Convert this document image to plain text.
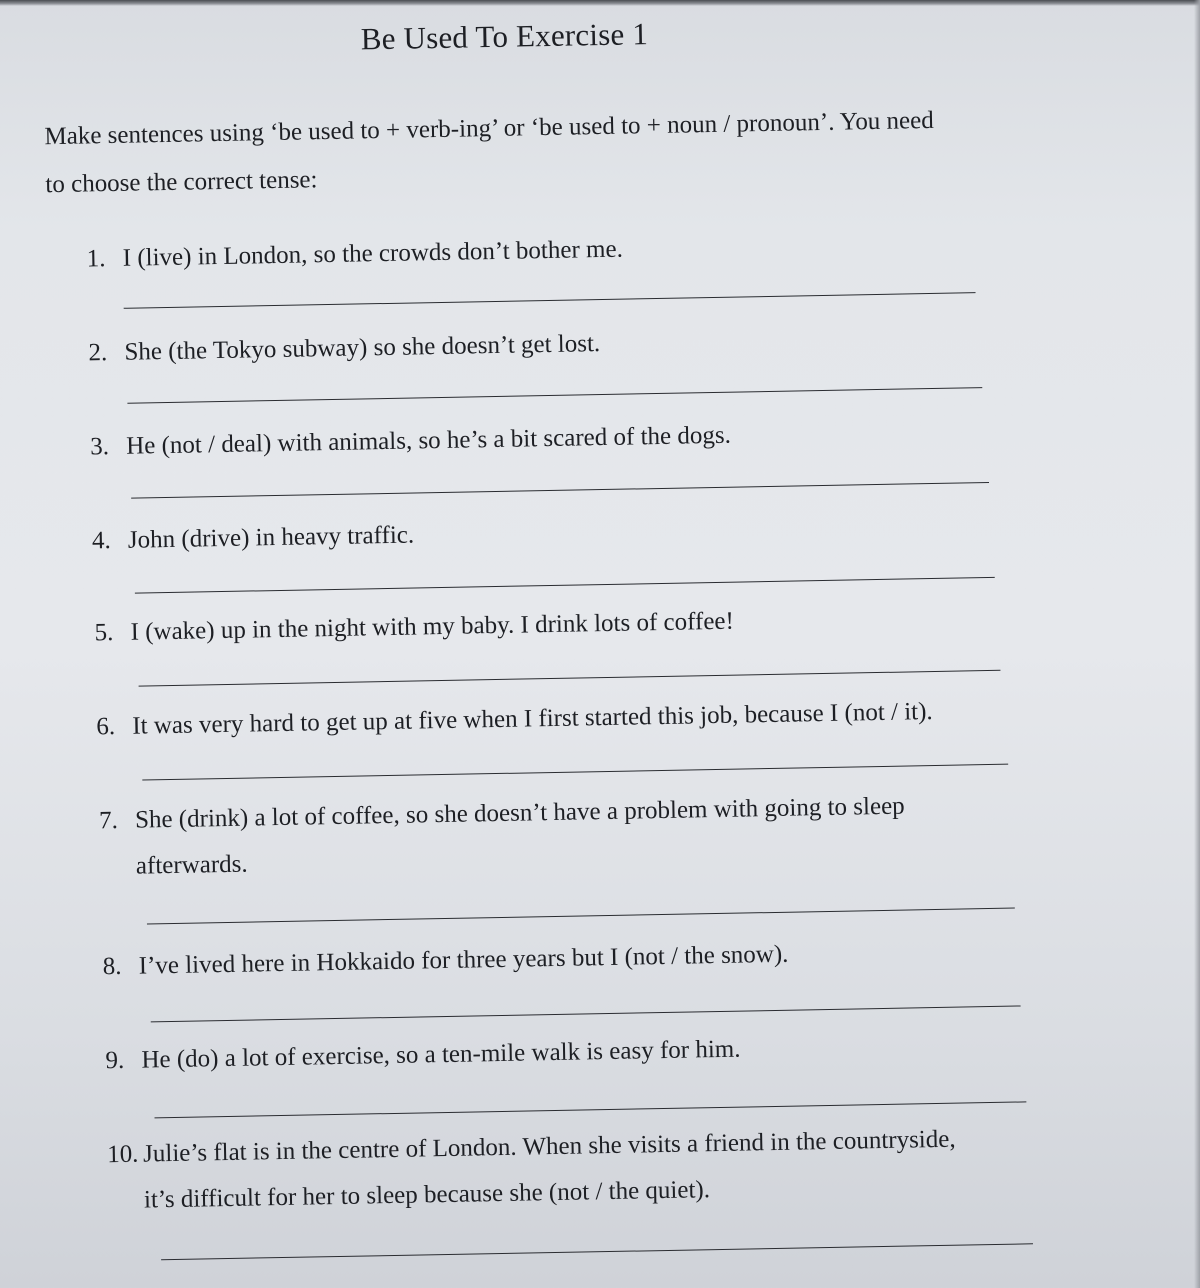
Be Used To Exercise 1
Make sentences using ‘be used to + verb-ing’ or ‘be used to + noun / pronoun’. You need
to choose the correct tense:
1. I (live) in London, so the crowds don’t bother me.
2. She (the Tokyo subway) so she doesn’t get lost.
3. He (not / deal) with animals, so he’s a bit scared of the dogs.
4. John (drive) in heavy traffic.
5. I (wake) up in the night with my baby. I drink lots of coffee!
6. It was very hard to get up at five when I first started this job, because I (not / it).
7. She (drink) a lot of coffee, so she doesn’t have a problem with going to sleep
afterwards.
8. I’ve lived here in Hokkaido for three years but I (not / the snow).
9. He (do) a lot of exercise, so a ten-mile walk is easy for him.
10. Julie’s flat is in the centre of London. When she visits a friend in the countryside,
it’s difficult for her to sleep because she (not / the quiet).
